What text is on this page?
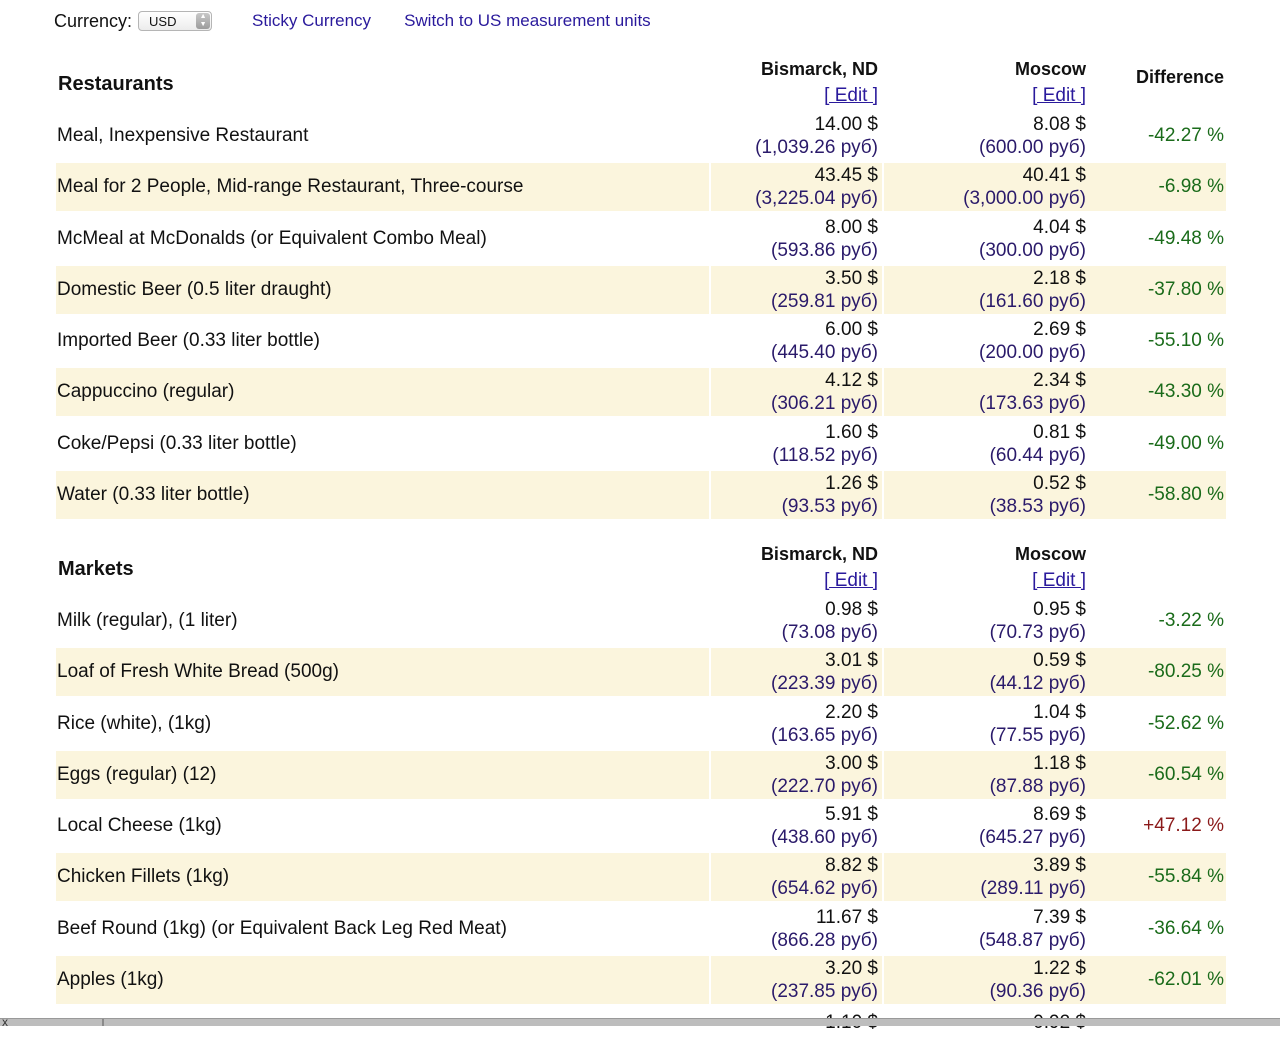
Currency: USD	▲
▼	Sticky Currency Switch to US measurement units
Restaurants
Bismarck, ND
[ Edit ]
Moscow
[ Edit ]
Difference
Meal, Inexpensive Restaurant
14.00 $
(1,039.26 руб)
8.08 $
(600.00 руб)
-42.27 %
Meal for 2 People, Mid-range Restaurant, Three-course
43.45 $
(3,225.04 руб)
40.41 $
(3,000.00 руб)
-6.98 %
McMeal at McDonalds (or Equivalent Combo Meal)
8.00 $
(593.86 руб)
4.04 $
(300.00 руб)
-49.48 %
Domestic Beer (0.5 liter draught)
3.50 $
(259.81 руб)
2.18 $
(161.60 руб)
-37.80 %
Imported Beer (0.33 liter bottle)
6.00 $
(445.40 руб)
2.69 $
(200.00 руб)
-55.10 %
Cappuccino (regular)
4.12 $
(306.21 руб)
2.34 $
(173.63 руб)
-43.30 %
Coke/Pepsi (0.33 liter bottle)
1.60 $
(118.52 руб)
0.81 $
(60.44 руб)
-49.00 %
Water (0.33 liter bottle)
1.26 $
(93.53 руб)
0.52 $
(38.53 руб)
-58.80 %
Markets
Bismarck, ND
[ Edit ]
Moscow
[ Edit ]
Milk (regular), (1 liter)
0.98 $
(73.08 руб)
0.95 $
(70.73 руб)
-3.22 %
Loaf of Fresh White Bread (500g)
3.01 $
(223.39 руб)
0.59 $
(44.12 руб)
-80.25 %
Rice (white), (1kg)
2.20 $
(163.65 руб)
1.04 $
(77.55 руб)
-52.62 %
Eggs (regular) (12)
3.00 $
(222.70 руб)
1.18 $
(87.88 руб)
-60.54 %
Local Cheese (1kg)
5.91 $
(438.60 руб)
8.69 $
(645.27 руб)
+47.12 %
Chicken Fillets (1kg)
8.82 $
(654.62 руб)
3.89 $
(289.11 руб)
-55.84 %
Beef Round (1kg) (or Equivalent Back Leg Red Meat)
11.67 $
(866.28 руб)
7.39 $
(548.87 руб)
-36.64 %
Apples (1kg)
3.20 $
(237.85 руб)
1.22 $
(90.36 руб)
-62.01 %
x
